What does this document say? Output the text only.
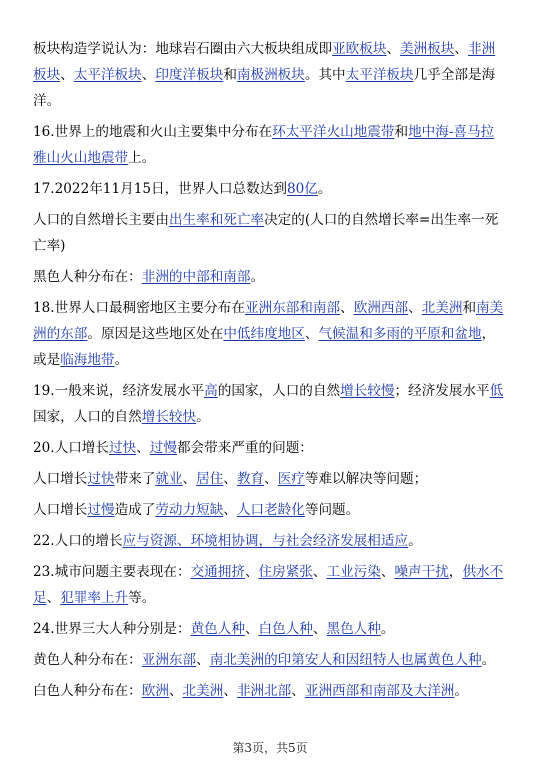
板块构造学说认为：地球岩石圈由六大板块组成即亚欧板块、美洲板块、非洲
板块、太平洋板块、印度洋板块和南极洲板块。其中太平洋板块几乎全部是海
洋。
16.世界上的地震和火山主要集中分布在环太平洋火山地震带和地中海-喜马拉
雅山火山地震带上。
17.2022年11月15日，世界人口总数达到80亿。
人口的自然增长主要由出生率和死亡率决定的(人口的自然增长率=出生率一死
亡率)
黑色人种分布在：非洲的中部和南部。
18.世界人口最稠密地区主要分布在亚洲东部和南部、欧洲西部、北美洲和南美
洲的东部。原因是这些地区处在中低纬度地区、气候温和多雨的平原和盆地，
或是临海地带。
19.一般来说，经济发展水平高的国家，人口的自然增长较慢；经济发展水平低
国家，人口的自然增长较快。
20.人口增长过快、过慢都会带来严重的问题：
人口增长过快带来了就业、居住、教育、医疗等难以解决等问题；
人口增长过慢造成了劳动力短缺、人口老龄化等问题。
22.人口的增长应与资源、环境相协调，与社会经济发展相适应。
23.城市问题主要表现在：交通拥挤、住房紧张、工业污染、噪声干扰，供水不
足、犯罪率上升等。
24.世界三大人种分别是：黄色人种、白色人种、黑色人种。
黄色人种分布在：亚洲东部、南北美洲的印第安人和因纽特人也属黄色人种。
白色人种分布在：欧洲、北美洲、非洲北部、亚洲西部和南部及大洋洲。
第3页，共5页
